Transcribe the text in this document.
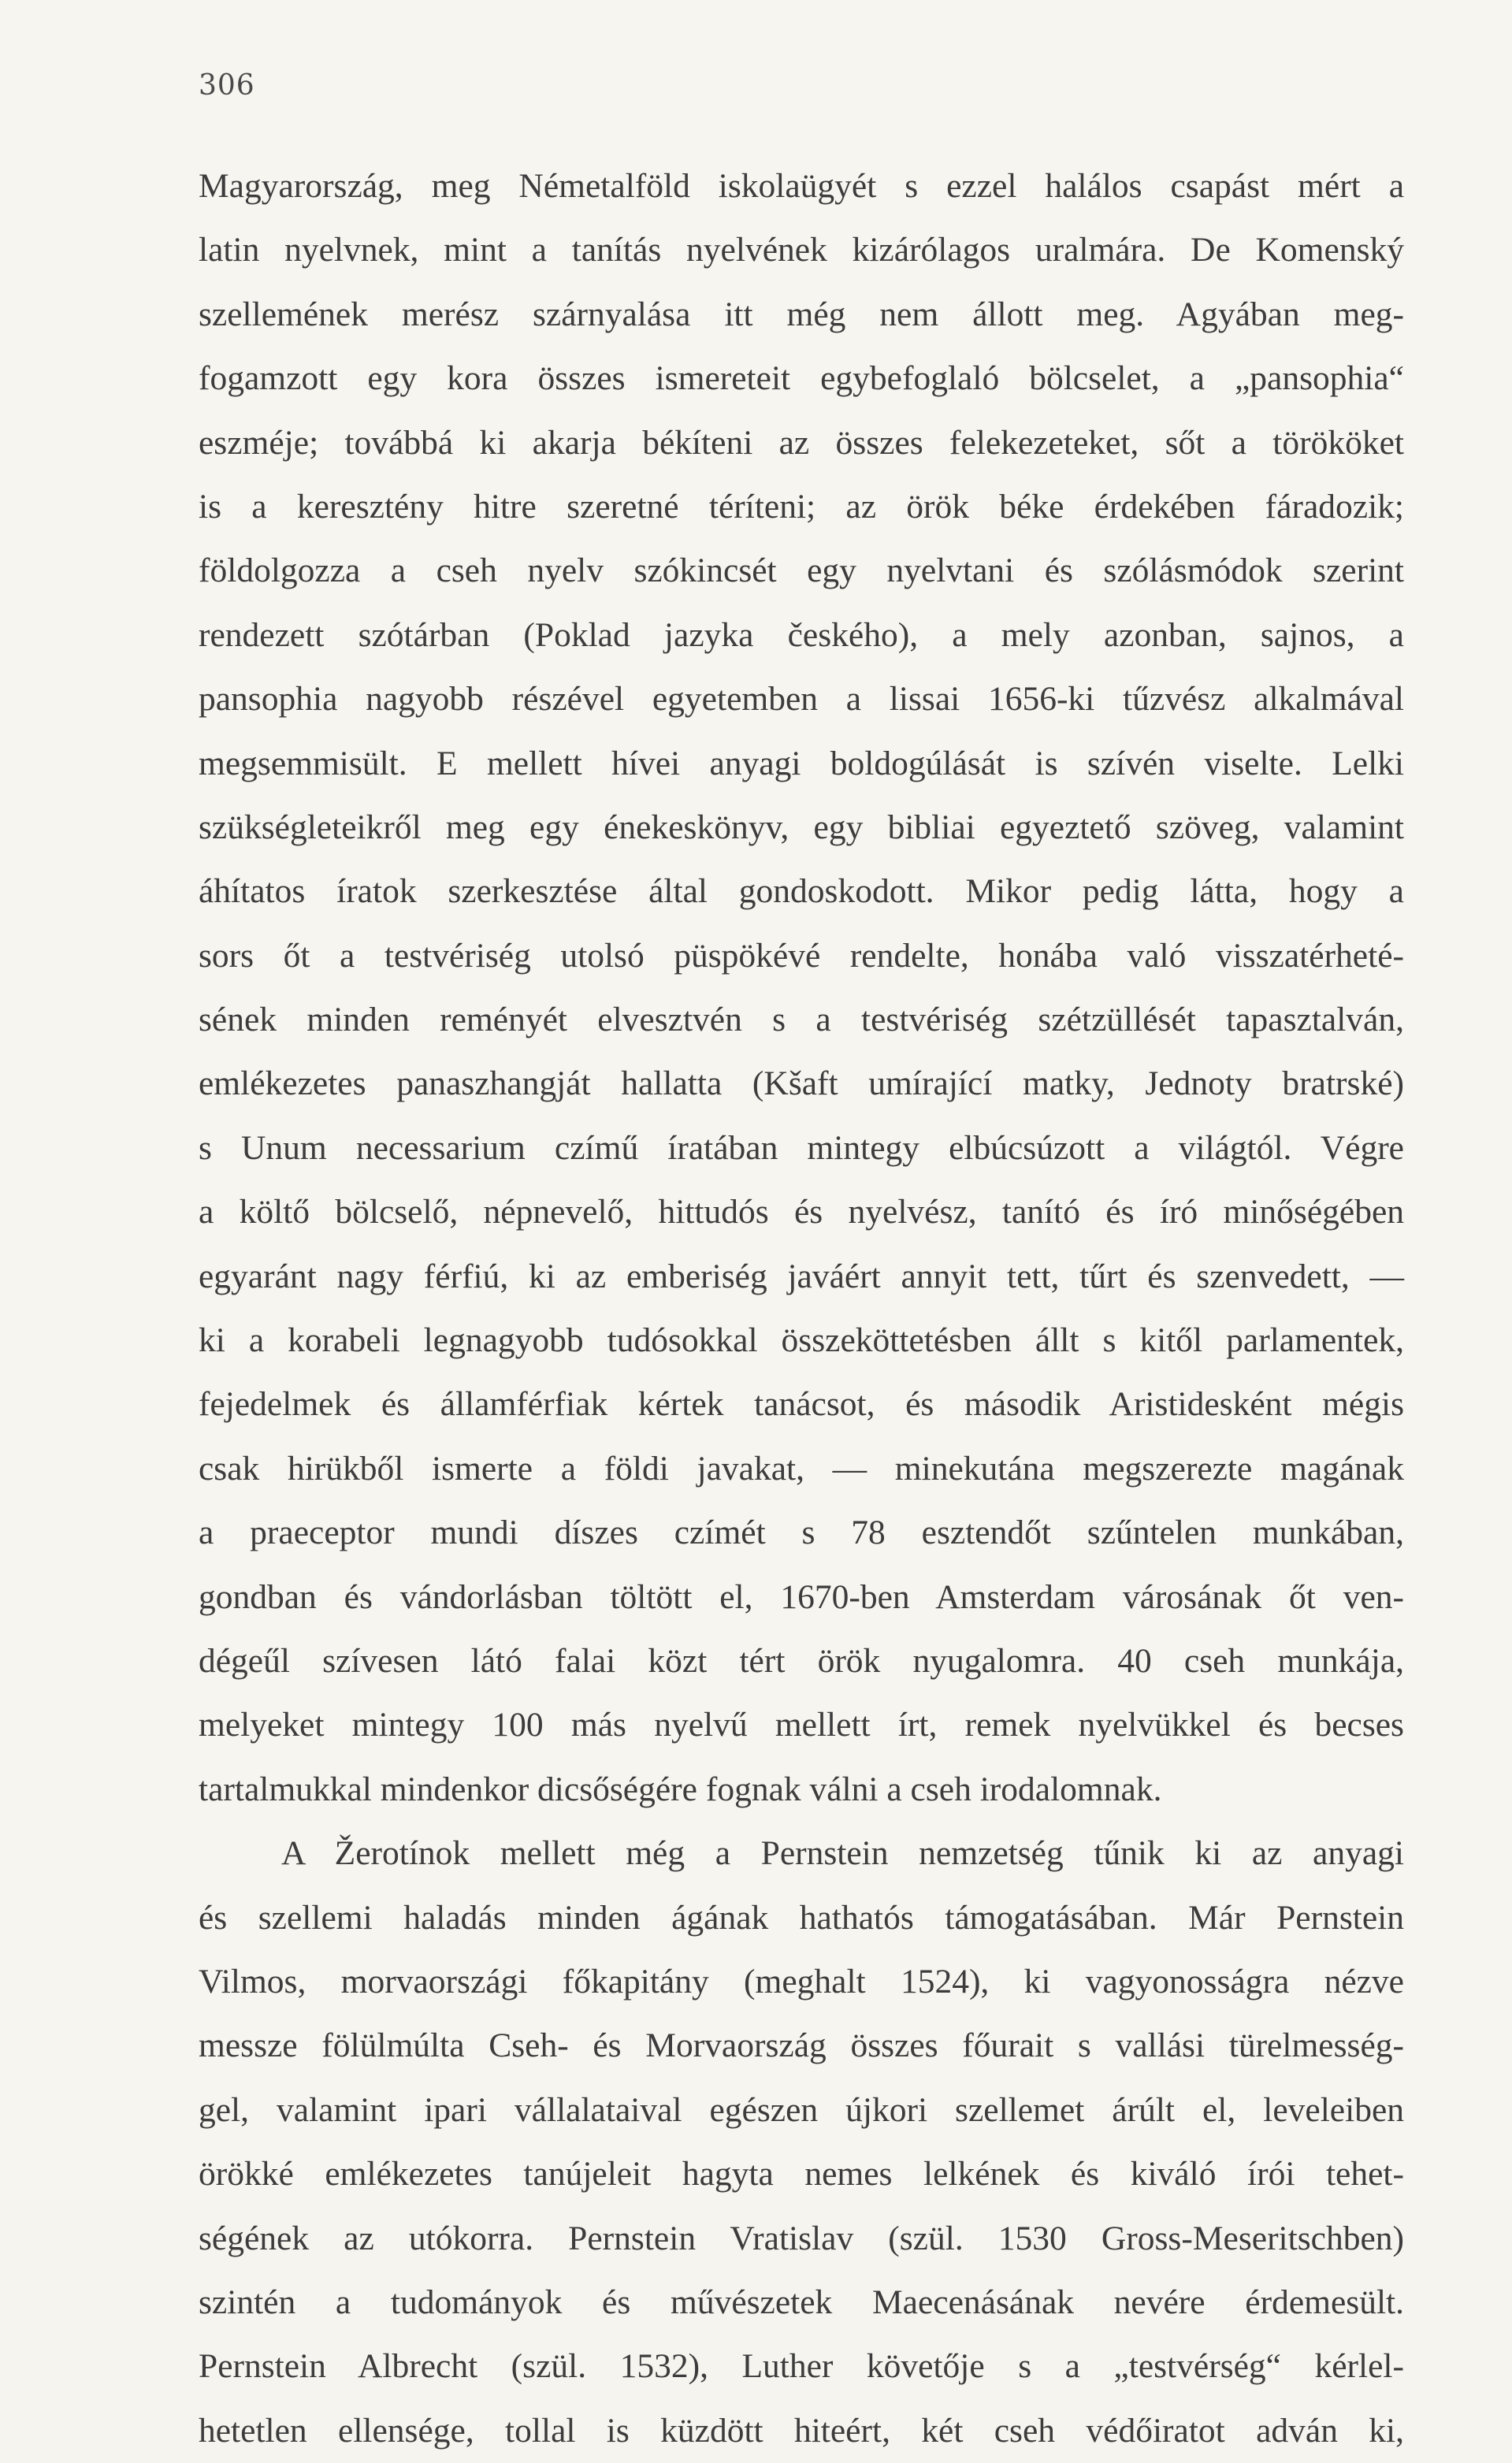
306
Magyarország, meg Németalföld iskolaügyét s ezzel halálos csapást mért a
latin nyelvnek, mint a tanítás nyelvének kizárólagos uralmára. De Komenský
szellemének merész szárnyalása itt még nem állott meg. Agyában meg-
fogamzott egy kora összes ismereteit egybefoglaló bölcselet, a „pansophia“
eszméje; továbbá ki akarja békíteni az összes felekezeteket, sőt a törököket
is a keresztény hitre szeretné téríteni; az örök béke érdekében fáradozik;
földolgozza a cseh nyelv szókincsét egy nyelvtani és szólásmódok szerint
rendezett szótárban (Poklad jazyka českého), a mely azonban, sajnos, a
pansophia nagyobb részével egyetemben a lissai 1656-ki tűzvész alkalmával
megsemmisült. E mellett hívei anyagi boldogúlását is szívén viselte. Lelki
szükségleteikről meg egy énekeskönyv, egy bibliai egyeztető szöveg, valamint
áhítatos íratok szerkesztése által gondoskodott. Mikor pedig látta, hogy a
sors őt a testvériség utolsó püspökévé rendelte, honába való visszatérheté-
sének minden reményét elvesztvén s a testvériség szétzüllését tapasztalván,
emlékezetes panaszhangját hallatta (Kšaft umírající matky, Jednoty bratrské)
s Unum necessarium czímű íratában mintegy elbúcsúzott a világtól. Végre
a költő bölcselő, népnevelő, hittudós és nyelvész, tanító és író minőségében
egyaránt nagy férfiú, ki az emberiség javáért annyit tett, tűrt és szenvedett, —
ki a korabeli legnagyobb tudósokkal összeköttetésben állt s kitől parlamentek,
fejedelmek és államférfiak kértek tanácsot, és második Aristidesként mégis
csak hirükből ismerte a földi javakat, — minekutána megszerezte magának
a praeceptor mundi díszes czímét s 78 esztendőt szűntelen munkában,
gondban és vándorlásban töltött el, 1670-ben Amsterdam városának őt ven-
dégeűl szívesen látó falai közt tért örök nyugalomra. 40 cseh munkája,
melyeket mintegy 100 más nyelvű mellett írt, remek nyelvükkel és becses
tartalmukkal mindenkor dicsőségére fognak válni a cseh irodalomnak.
A Žerotínok mellett még a Pernstein nemzetség tűnik ki az anyagi
és szellemi haladás minden ágának hathatós támogatásában. Már Pernstein
Vilmos, morvaországi főkapitány (meghalt 1524), ki vagyonosságra nézve
messze fölülmúlta Cseh- és Morvaország összes főurait s vallási türelmesség-
gel, valamint ipari vállalataival egészen újkori szellemet árúlt el, leveleiben
örökké emlékezetes tanújeleit hagyta nemes lelkének és kiváló írói tehet-
ségének az utókorra. Pernstein Vratislav (szül. 1530 Gross-Meseritschben)
szintén a tudományok és művészetek Maecenásának nevére érdemesült.
Pernstein Albrecht (szül. 1532), Luther követője s a „testvérség“ kérlel-
hetetlen ellensége, tollal is küzdött hiteért, két cseh védőiratot adván ki,
